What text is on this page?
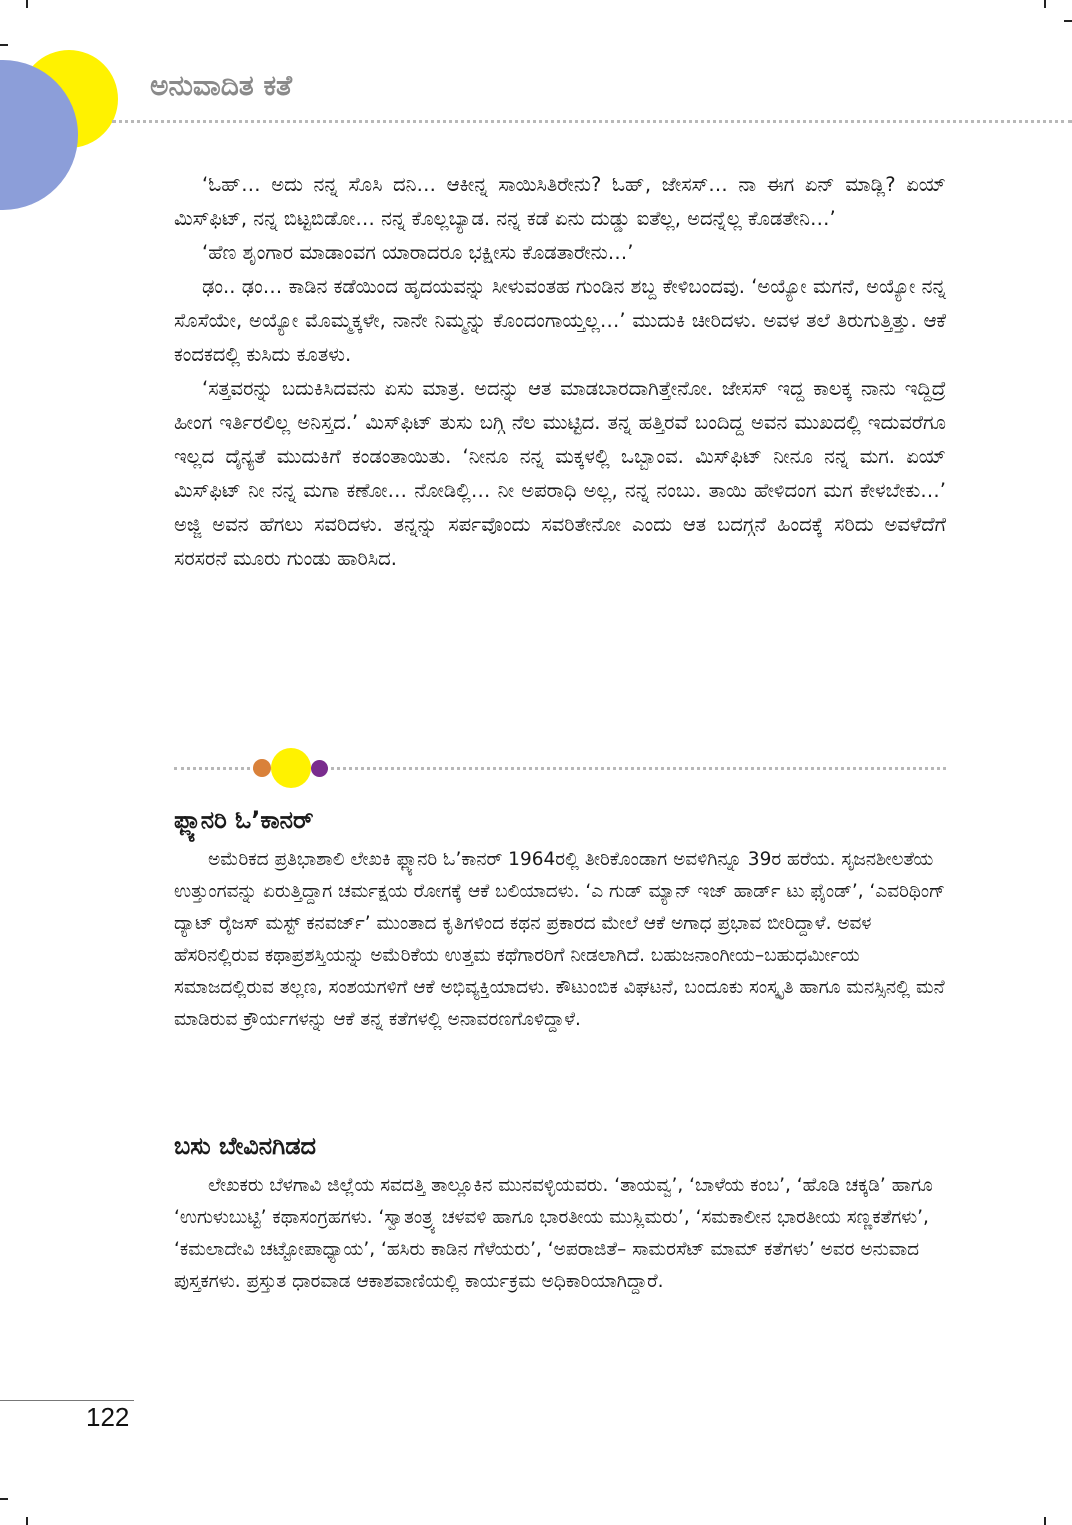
ಅನುವಾದಿತ ಕತೆ

‘ಓಹ್… ಅದು ನನ್ನ ಸೊಸಿ ದನಿ… ಆಕೀನ್ನ ಸಾಯಿಸಿತಿರೇನು? ಓಹ್, ಜೇಸಸ್… ನಾ ಈಗ ಏನ್ ಮಾಡ್ಲಿ? ಏಯ್ ಮಿಸ್‌ಫಿಟ್, ನನ್ನ ಬಿಟ್ಟಬಿಡೋ… ನನ್ನ ಕೊಲ್ಲಬ್ಯಾಡ. ನನ್ನ ಕಡೆ ಏನು ದುಡ್ಡು ಐತೆಲ್ಲ, ಅದನ್ನೆಲ್ಲ ಕೊಡತೇನಿ…’

‘ಹೆಣ ಶೃಂಗಾರ ಮಾಡಾಂವಗ ಯಾರಾದರೂ ಭಕ್ಷೀಸು ಕೊಡತಾರೇನು…’

ಢಂ.. ಢಂ… ಕಾಡಿನ ಕಡೆಯಿಂದ ಹೃದಯವನ್ನು ಸೀಳುವಂತಹ ಗುಂಡಿನ ಶಬ್ದ ಕೇಳಿಬಂದವು. ‘ಅಯ್ಯೋ ಮಗನೆ, ಅಯ್ಯೋ ನನ್ನ ಸೊಸೆಯೇ, ಅಯ್ಯೋ ಮೊಮ್ಮಕ್ಕಳೇ, ನಾನೇ ನಿಮ್ಮನ್ನು ಕೊಂದಂಗಾಯ್ತಲ್ಲ…’ ಮುದುಕಿ ಚೀರಿದಳು. ಅವಳ ತಲೆ ತಿರುಗುತ್ತಿತ್ತು. ಆಕೆ ಕಂದಕದಲ್ಲಿ ಕುಸಿದು ಕೂತಳು.

‘ಸತ್ತವರನ್ನು ಬದುಕಿಸಿದವನು ಏಸು ಮಾತ್ರ. ಅದನ್ನು ಆತ ಮಾಡಬಾರದಾಗಿತ್ತೇನೋ. ಜೇಸಸ್ ಇದ್ದ ಕಾಲಕ್ಕ ನಾನು ಇದ್ದಿದ್ರೆ ಹೀಂಗ ಇರ್ತಿರಲಿಲ್ಲ ಅನಿಸ್ತದ.’ ಮಿಸ್‌ಫಿಟ್ ತುಸು ಬಗ್ಗಿ ನೆಲ ಮುಟ್ಟಿದ. ತನ್ನ ಹತ್ತಿರವೆ ಬಂದಿದ್ದ ಅವನ ಮುಖದಲ್ಲಿ ಇದುವರೆಗೂ ಇಲ್ಲದ ದೈನ್ಯತೆ ಮುದುಕಿಗೆ ಕಂಡಂತಾಯಿತು. ‘ನೀನೂ ನನ್ನ ಮಕ್ಕಳಲ್ಲಿ ಒಬ್ಬಾಂವ. ಮಿಸ್‌ಫಿಟ್ ನೀನೂ ನನ್ನ ಮಗ. ಏಯ್ ಮಿಸ್‌ಫಿಟ್ ನೀ ನನ್ನ ಮಗಾ ಕಣೋ… ನೋಡಿಲ್ಲಿ… ನೀ ಅಪರಾಧಿ ಅಲ್ಲ, ನನ್ನ ನಂಬು. ತಾಯಿ ಹೇಳಿದಂಗ ಮಗ ಕೇಳಬೇಕು…’ ಅಜ್ಜಿ ಅವನ ಹೆಗಲು ಸವರಿದಳು. ತನ್ನನ್ನು ಸರ್ಪವೊಂದು ಸವರಿತೇನೋ ಎಂದು ಆತ ಬದಗ್ಗನೆ ಹಿಂದಕ್ಕೆ ಸರಿದು ಅವಳೆದೆಗೆ ಸರಸರನೆ ಮೂರು ಗುಂಡು ಹಾರಿಸಿದ.

ಫ್ಲ್ಯಾನರಿ ಓ’ಕಾನರ್

ಅಮೆರಿಕದ ಪ್ರತಿಭಾಶಾಲಿ ಲೇಖಕಿ ಫ್ಲ್ಯಾನರಿ ಓ’ಕಾನರ್ 1964ರಲ್ಲಿ ತೀರಿಕೊಂಡಾಗ ಅವಳಿಗಿನ್ನೂ 39ರ ಹರೆಯ. ಸೃಜನಶೀಲತೆಯ ಉತ್ತುಂಗವನ್ನು ಏರುತ್ತಿದ್ದಾಗ ಚರ್ಮಕ್ಷಯ ರೋಗಕ್ಕೆ ಆಕೆ ಬಲಿಯಾದಳು. ‘ಎ ಗುಡ್ ಮ್ಯಾನ್ ಇಜ್ ಹಾರ್ಡ್ ಟು ಫೈಂಡ್’, ‘ಎವರಿಥಿಂಗ್ ದ್ಯಾಟ್ ರೈಜಸ್ ಮಸ್ಟ್ ಕನವರ್ಜ್’ ಮುಂತಾದ ಕೃತಿಗಳಿಂದ ಕಥನ ಪ್ರಕಾರದ ಮೇಲೆ ಆಕೆ ಅಗಾಧ ಪ್ರಭಾವ ಬೀರಿದ್ದಾಳೆ. ಅವಳ ಹೆಸರಿನಲ್ಲಿರುವ ಕಥಾಪ್ರಶಸ್ತಿಯನ್ನು ಅಮೆರಿಕೆಯ ಉತ್ತಮ ಕಥೆಗಾರರಿಗೆ ನೀಡಲಾಗಿದೆ. ಬಹುಜನಾಂಗೀಯ–ಬಹುಧರ್ಮೀಯ ಸಮಾಜದಲ್ಲಿರುವ ತಲ್ಲಣ, ಸಂಶಯಗಳಿಗೆ ಆಕೆ ಅಭಿವ್ಯಕ್ತಿಯಾದಳು. ಕೌಟುಂಬಿಕ ವಿಘಟನೆ, ಬಂದೂಕು ಸಂಸ್ಕೃತಿ ಹಾಗೂ ಮನಸ್ಸಿನಲ್ಲಿ ಮನೆ ಮಾಡಿರುವ ಕ್ರೌರ್ಯಗಳನ್ನು ಆಕೆ ತನ್ನ ಕತೆಗಳಲ್ಲಿ ಅನಾವರಣಗೊಳಿದ್ದಾಳೆ.

ಬಸು ಬೇವಿನಗಿಡದ

ಲೇಖಕರು ಬೆಳಗಾವಿ ಜಿಲ್ಲೆಯ ಸವದತ್ತಿ ತಾಲ್ಲೂಕಿನ ಮುನವಳ್ಳಿಯವರು. ‘ತಾಯವ್ವ’, ‘ಬಾಳೆಯ ಕಂಬ’, ‘ಹೊಡಿ ಚಕ್ಕಡಿ’ ಹಾಗೂ ‘ಉಗುಳುಬುಟ್ಟಿ’ ಕಥಾಸಂಗ್ರಹಗಳು. ‘ಸ್ವಾತಂತ್ರ್ಯ ಚಳವಳಿ ಹಾಗೂ ಭಾರತೀಯ ಮುಸ್ಲಿಮರು’, ‘ಸಮಕಾಲೀನ ಭಾರತೀಯ ಸಣ್ಣಕತೆಗಳು’, ‘ಕಮಲಾದೇವಿ ಚಟ್ಟೋಪಾಧ್ಯಾಯ’, ‘ಹಸಿರು ಕಾಡಿನ ಗೆಳೆಯರು’, ‘ಅಪರಾಜಿತೆ– ಸಾಮರಸೆಟ್ ಮಾಮ್ ಕತೆಗಳು’ ಅವರ ಅನುವಾದ ಪುಸ್ತಕಗಳು. ಪ್ರಸ್ತುತ ಧಾರವಾಡ ಆಕಾಶವಾಣಿಯಲ್ಲಿ ಕಾರ್ಯಕ್ರಮ ಅಧಿಕಾರಿಯಾಗಿದ್ದಾರೆ.

122
